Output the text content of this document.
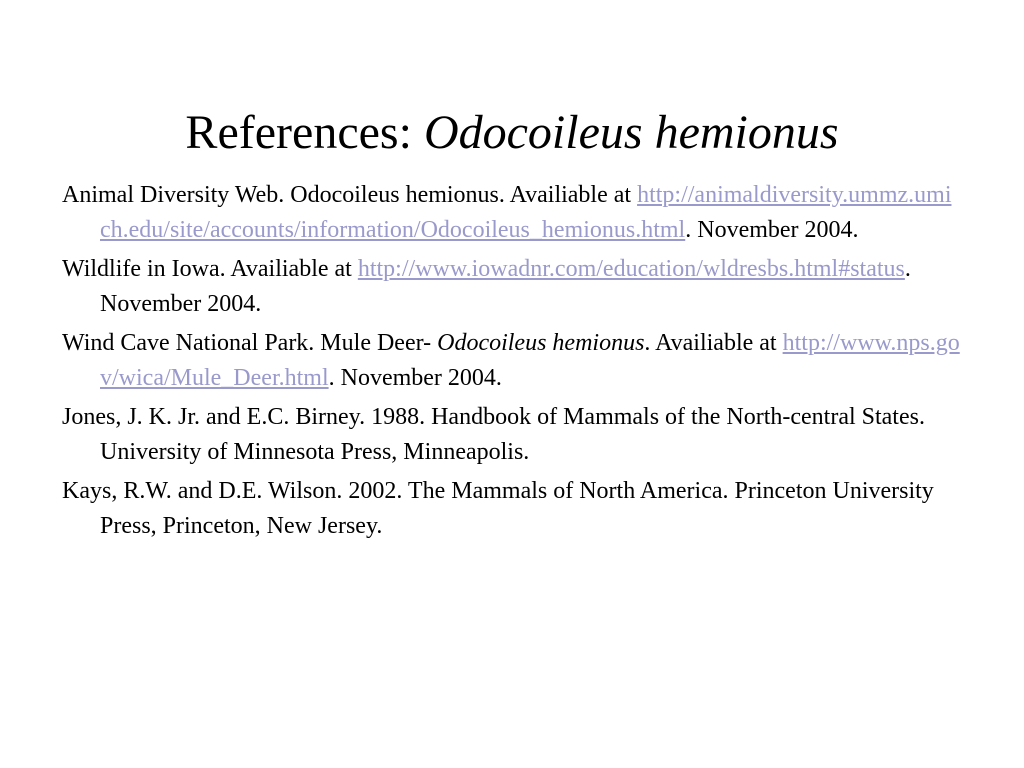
References: Odocoileus hemionus

Animal Diversity Web. Odocoileus hemionus. Availiable at http://animaldiversity.ummz.umich.edu/site/accounts/information/Odocoileus_hemionus.html. November 2004.

Wildlife in Iowa. Availiable at http://www.iowadnr.com/education/wldresbs.html#status. November 2004.

Wind Cave National Park. Mule Deer- Odocoileus hemionus. Availiable at http://www.nps.gov/wica/Mule_Deer.html. November 2004.

Jones, J. K. Jr. and E.C. Birney. 1988. Handbook of Mammals of the North-central States. University of Minnesota Press, Minneapolis.

Kays, R.W. and D.E. Wilson. 2002. The Mammals of North America. Princeton University Press, Princeton, New Jersey.
